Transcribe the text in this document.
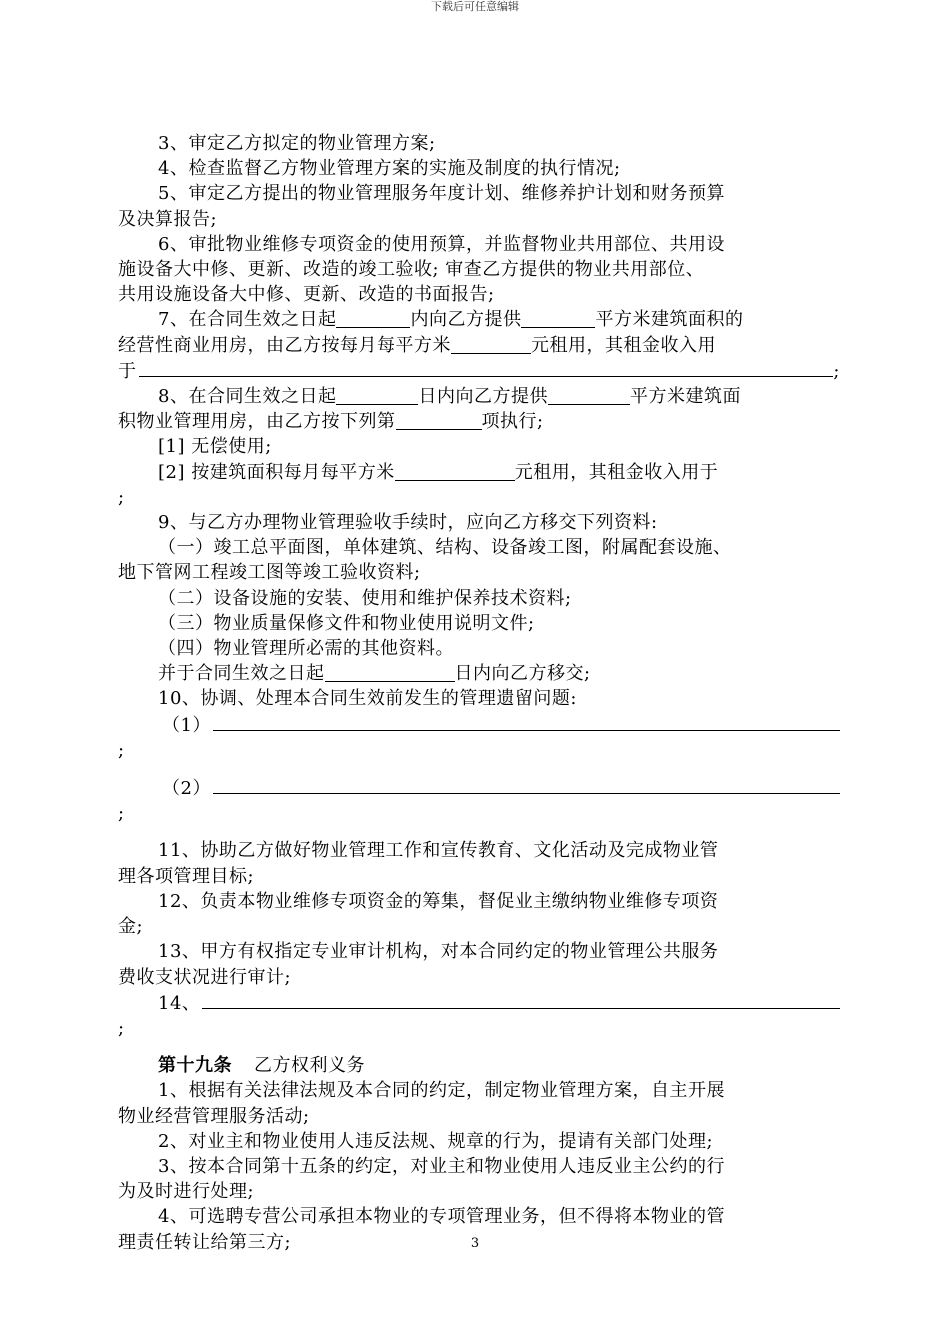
下载后可任意编辑

3、审定乙方拟定的物业管理方案;

4、检查监督乙方物业管理方案的实施及制度的执行情况;

5、审定乙方提出的物业管理服务年度计划、维修养护计划和财务预算

及决算报告;

6、审批物业维修专项资金的使用预算，并监督物业共用部位、共用设

施设备大中修、更新、改造的竣工验收; 审查乙方提供的物业共用部位、

共用设施设备大中修、更新、改造的书面报告;

7、在合同生效之日起	内向乙方提供	平方米建筑面积的

经营性商业用房，由乙方按每月每平方米	元租用，其租金收入用

于	;

8、在合同生效之日起	日内向乙方提供	平方米建筑面

积物业管理用房，由乙方按下列第	项执行;

[1] 无偿使用;

[2] 按建筑面积每月每平方米	元租用，其租金收入用于

;

9、与乙方办理物业管理验收手续时，应向乙方移交下列资料:

（一）竣工总平面图，单体建筑、结构、设备竣工图，附属配套设施、

地下管网工程竣工图等竣工验收资料;

（二）设备设施的安装、使用和维护保养技术资料;

（三）物业质量保修文件和物业使用说明文件;

（四）物业管理所必需的其他资料。

并于合同生效之日起	日内向乙方移交;

10、协调、处理本合同生效前发生的管理遗留问题:

（1）

;

（2）

;

11、协助乙方做好物业管理工作和宣传教育、文化活动及完成物业管

理各项管理目标;

12、负责本物业维修专项资金的筹集，督促业主缴纳物业维修专项资

金;

13、甲方有权指定专业审计机构，对本合同约定的物业管理公共服务

费收支状况进行审计;

14、

;

第十九条 乙方权利义务

1、根据有关法律法规及本合同的约定，制定物业管理方案，自主开展

物业经营管理服务活动;

2、对业主和物业使用人违反法规、规章的行为，提请有关部门处理;

3、按本合同第十五条的约定，对业主和物业使用人违反业主公约的行

为及时进行处理;

4、可选聘专营公司承担本物业的专项管理业务，但不得将本物业的管

理责任转让给第三方;	3
